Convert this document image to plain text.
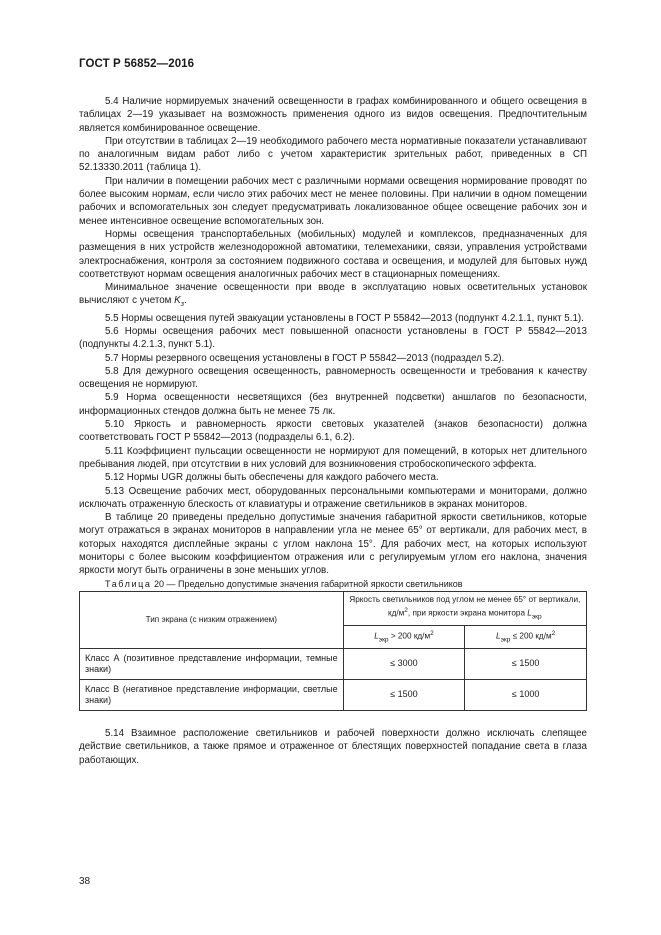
ГОСТ Р 56852—2016

5.4 Наличие нормируемых значений освещенности в графах комбинированного и общего освещения в таблицах 2—19 указывает на возможность применения одного из видов освещения. Предпочтительным является комбинированное освещение.

При отсутствии в таблицах 2—19 необходимого рабочего места нормативные показатели устанавливают по аналогичным видам работ либо с учетом характеристик зрительных работ, приведенных в СП 52.13330.2011 (таблица 1).

При наличии в помещении рабочих мест с различными нормами освещения нормирование проводят по более высоким нормам, если число этих рабочих мест не менее половины. При наличии в одном помещении рабочих и вспомогательных зон следует предусматривать локализованное общее освещение рабочих зон и менее интенсивное освещение вспомогательных зон.

Нормы освещения транспортабельных (мобильных) модулей и комплексов, предназначенных для размещения в них устройств железнодорожной автоматики, телемеханики, связи, управления устройствами электроснабжения, контроля за состоянием подвижного состава и освещения, и модулей для бытовых нужд соответствуют нормам освещения аналогичных рабочих мест в стационарных помещениях.

Минимальное значение освещенности при вводе в эксплуатацию новых осветительных установок вычисляют с учетом $K_з$.

5.5 Нормы освещения путей эвакуации установлены в ГОСТ Р 55842—2013 (подпункт 4.2.1.1, пункт 5.1).

5.6 Нормы освещения рабочих мест повышенной опасности установлены в ГОСТ Р 55842—2013 (подпункты 4.2.1.3, пункт 5.1).

5.7 Нормы резервного освещения установлены в ГОСТ Р 55842—2013 (подраздел 5.2).

5.8 Для дежурного освещения освещенность, равномерность освещенности и требования к качеству освещения не нормируют.

5.9 Норма освещенности несветящихся (без внутренней подсветки) аншлагов по безопасности, информационных стендов должна быть не менее 75 лк.

5.10 Яркость и равномерность яркости световых указателей (знаков безопасности) должна соответствовать ГОСТ Р 55842—2013 (подразделы 6.1, 6.2).

5.11 Коэффициент пульсации освещенности не нормируют для помещений, в которых нет длительного пребывания людей, при отсутствии в них условий для возникновения стробоскопического эффекта.

5.12 Нормы UGR должны быть обеспечены для каждого рабочего места.

5.13 Освещение рабочих мест, оборудованных персональными компьютерами и мониторами, должно исключать отраженную блескость от клавиатуры и отражение светильников в экранах мониторов.

В таблице 20 приведены предельно допустимые значения габаритной яркости светильников, которые могут отражаться в экранах мониторов в направлении угла не менее 65° от вертикали, для рабочих мест, в которых находятся дисплейные экраны с углом наклона 15°. Для рабочих мест, на которых используют мониторы с более высоким коэффициентом отражения или с регулируемым углом его наклона, значения яркости могут быть ограничены в зоне меньших углов.

Таблица 20 — Предельно допустимые значения габаритной яркости светильников

Тип экрана (с низким отражением)	Яркость светильников под углом не менее 65° от вертикали, $кд/м^2$, при яркости экрана монитора $L_{экр}$
	$L_{экр} > 200$ $кд/м^2$	$L_{экр} \le 200$ $кд/м^2$
Класс А (позитивное представление информации, темные знаки)	≤ 3000	≤ 1500
Класс В (негативное представление информации, светлые знаки)	≤ 1500	≤ 1000

5.14 Взаимное расположение светильников и рабочей поверхности должно исключать слепящее действие светильников, а также прямое и отраженное от блестящих поверхностей попадание света в глаза работающих.

38
